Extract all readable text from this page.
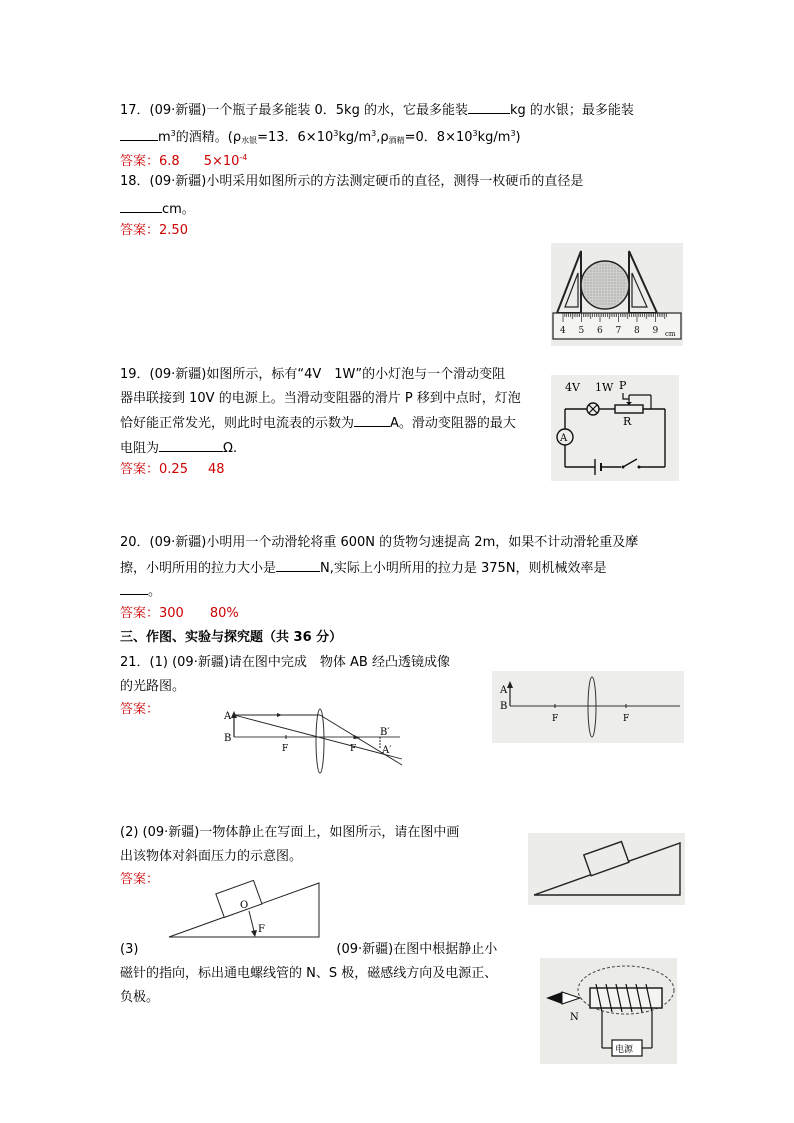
17．(09·新疆)一个瓶子最多能装 0．5kg 的水，它最多能装	kg 的水银；最多能装
$m^3$的酒精。($\rho_{水银}=13$．$6\times 10^3kg/m^3,\rho_{酒精}=0$．$8\times 10^3kg/m^3$)
答案：6.8 $5\times 10^{-4}$
18．(09·新疆)小明采用如图所示的方法测定硬币的直径，测得一枚硬币的直径是
cm。
答案：2.50
4 5 6 7 8 9 cm
19．(09·新疆)如图所示，标有“4V　1W”的小灯泡与一个滑动变阻
器串联接到 10V 的电源上。当滑动变阻器的滑片 P 移到中点时，灯泡
恰好能正常发光，则此时电流表的示数为	A。滑动变阻器的最大
电阻为	Ω.
答案：0.25 48
4V 1W P
R
A
20．(09·新疆)小明用一个动滑轮将重 600N 的货物匀速提高 2m，如果不计动滑轮重及摩
擦，小明所用的拉力大小是	N,实际上小明所用的拉力是 375N，则机械效率是
。
答案：300 80%
三、作图、实验与探究题（共 36 分）
21．(1) (09·新疆)请在图中完成　物体 AB 经凸透镜成像
的光路图。
答案：	A
B
F	F
B′
A′
A
B
F	F
(2) (09·新疆)一物体静止在写面上，如图所示，请在图中画
出该物体对斜面压力的示意图。
答案：
O
F
(3)	(09·新疆)在图中根据静止小
磁针的指向，标出通电螺线管的 N、S 极，磁感线方向及电源正、
负极。
N
电源
